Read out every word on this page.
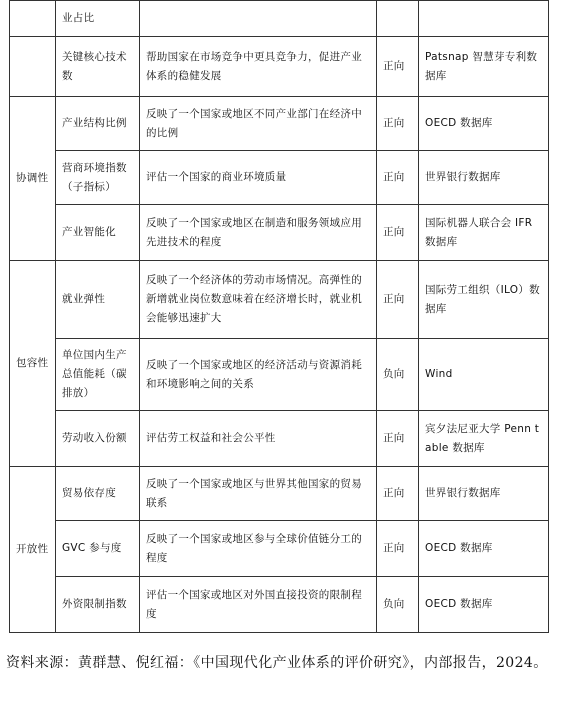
	业占比			
	关键核心技术数	帮助国家在市场竞争中更具竞争力，促进产业体系的稳健发展	正向	Patsnap 智慧芽专利数据库
协调性	产业结构比例	反映了一个国家或地区不同产业部门在经济中的比例	正向	OECD 数据库
	营商环境指数（子指标）	评估一个国家的商业环境质量	正向	世界银行数据库
	产业智能化	反映了一个国家或地区在制造和服务领域应用先进技术的程度	正向	国际机器人联合会 IFR 数据库
包容性	就业弹性	反映了一个经济体的劳动市场情况。高弹性的新增就业岗位数意味着在经济增长时，就业机会能够迅速扩大	正向	国际劳工组织（ILO）数据库
	单位国内生产总值能耗（碳排放）	反映了一个国家或地区的经济活动与资源消耗和环境影响之间的关系	负向	Wind
	劳动收入份额	评估劳工权益和社会公平性	正向	宾夕法尼亚大学 Penn table 数据库
开放性	贸易依存度	反映了一个国家或地区与世界其他国家的贸易联系	正向	世界银行数据库
	GVC 参与度	反映了一个国家或地区参与全球价值链分工的程度	正向	OECD 数据库
	外资限制指数	评估一个国家或地区对外国直接投资的限制程度	负向	OECD 数据库
资料来源：黄群慧、倪红福：《中国现代化产业体系的评价研究》，内部报告，2024。
